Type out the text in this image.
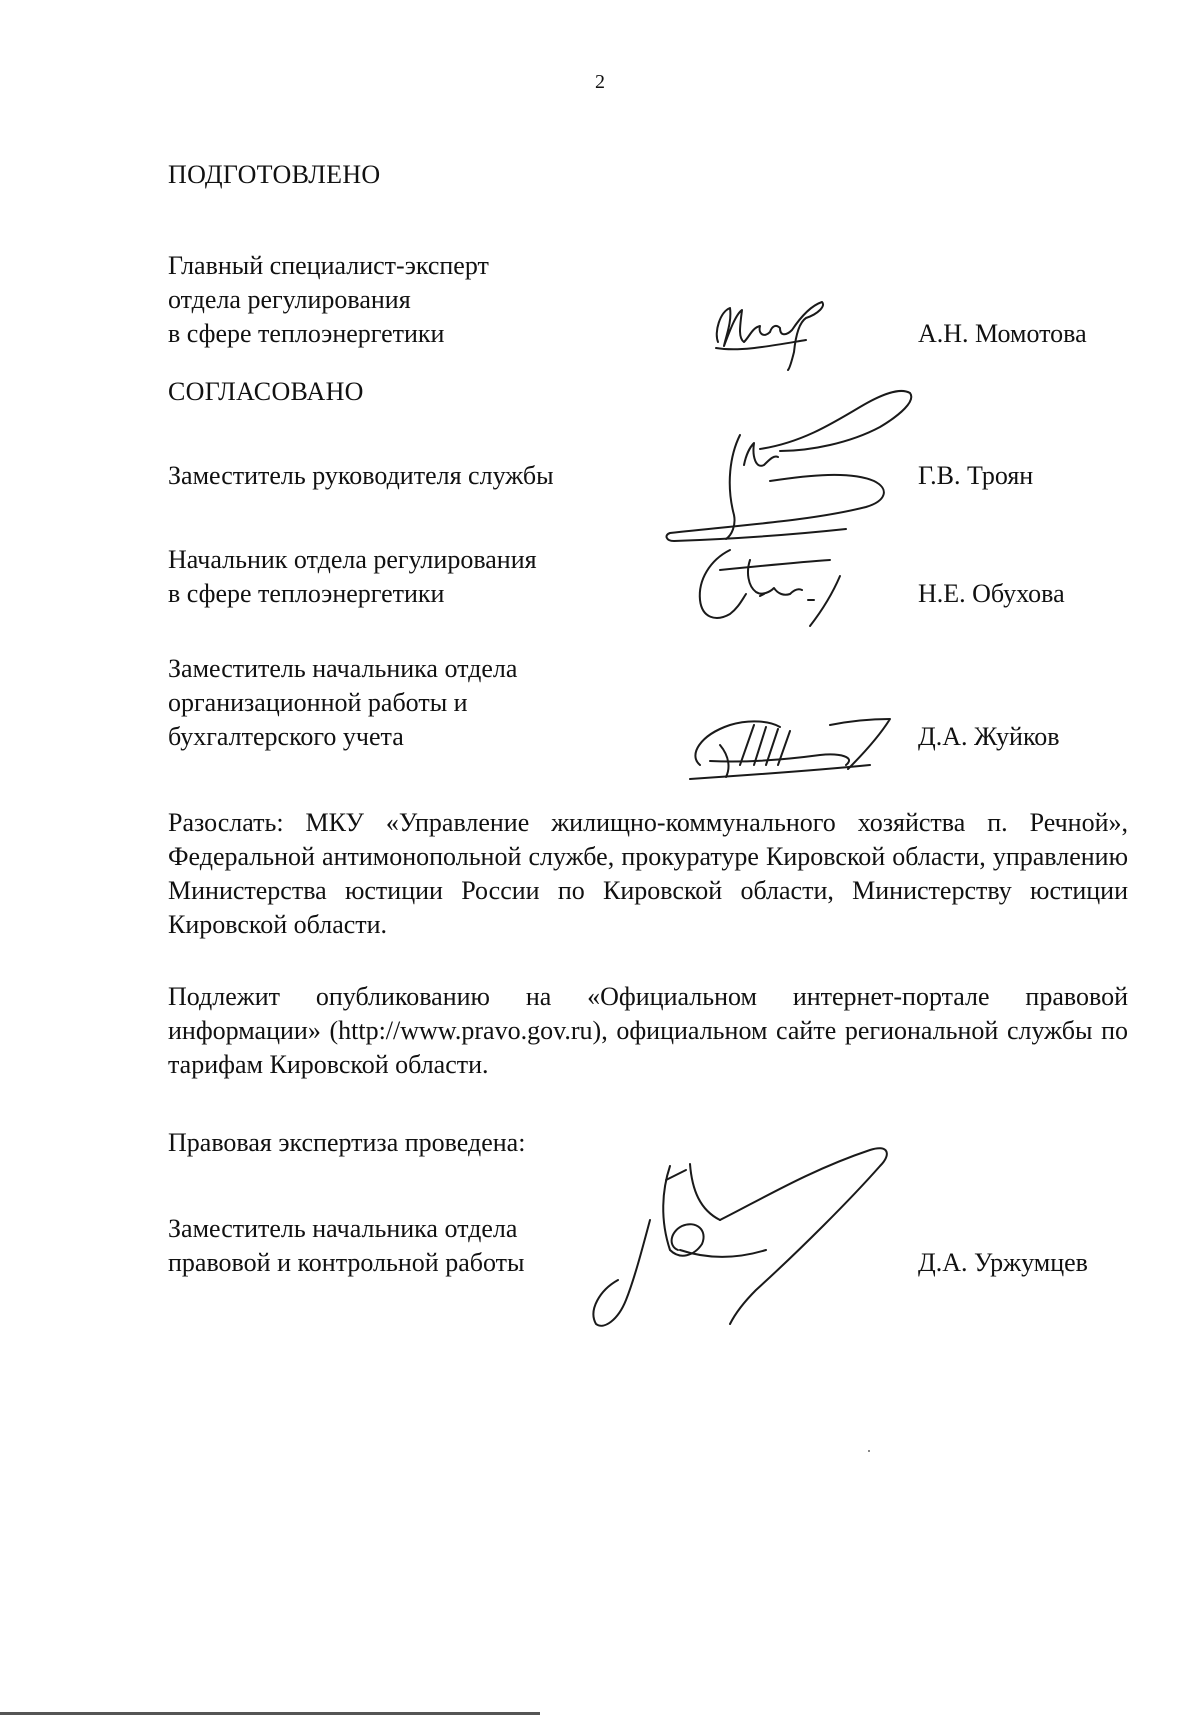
2
ПОДГОТОВЛЕНО
Главный специалист-эксперт
отдела регулирования
в сфере теплоэнергетики	А.Н. Момотова
СОГЛАСОВАНО
Заместитель руководителя службы	Г.В. Троян
Начальник отдела регулирования
в сфере теплоэнергетики	Н.Е. Обухова
Заместитель начальника отдела
организационной работы и
бухгалтерского учета	Д.А. Жуйков
Разослать: МКУ «Управление жилищно-коммунального хозяйства п. Речной», Федеральной антимонопольной службе, прокуратуре Кировской области, управлению Министерства юстиции России по Кировской области, Министерству юстиции Кировской области.
Подлежит опубликованию на «Официальном интернет-портале правовой информации» (http://www.pravo.gov.ru), официальном сайте региональной службы по тарифам Кировской области.
Правовая экспертиза проведена:
Заместитель начальника отдела
правовой и контрольной работы	Д.А. Уржумцев
